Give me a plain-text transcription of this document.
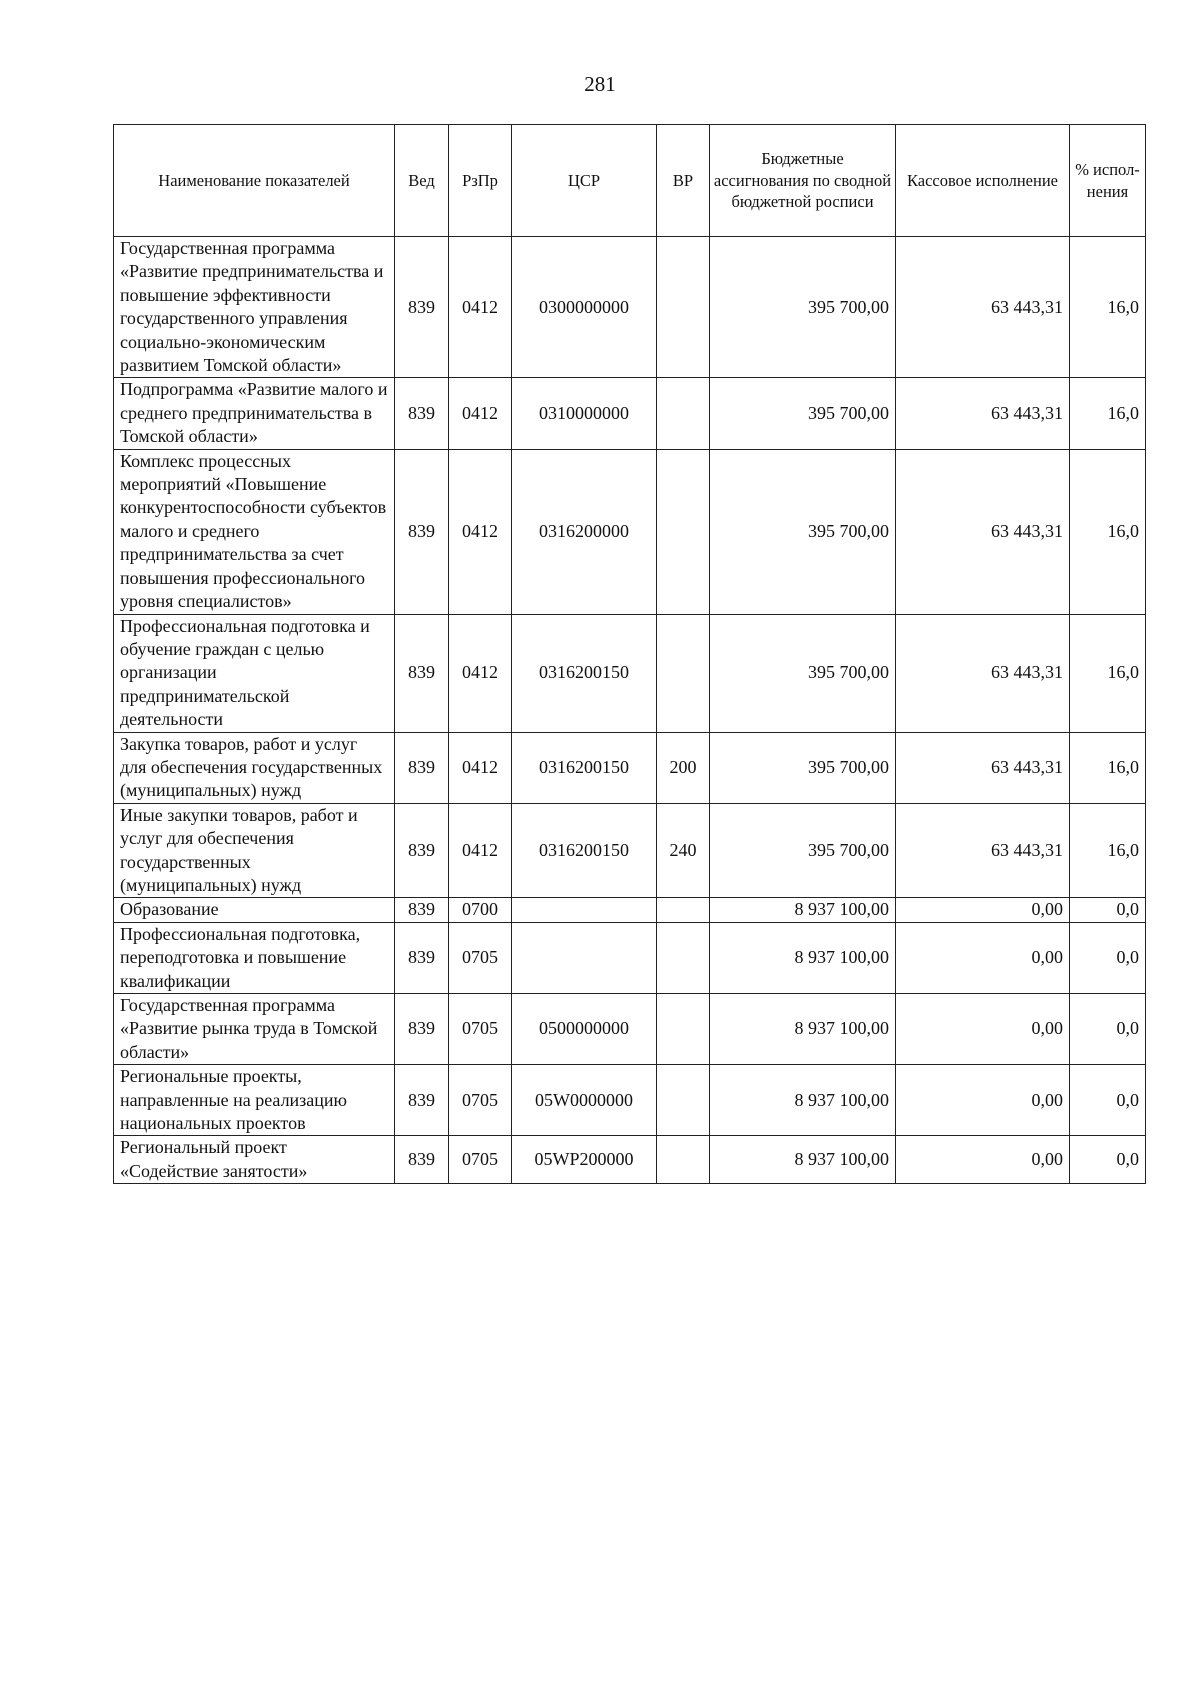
281
Наименование показателей	Вед	РзПр	ЦСР	ВР	Бюджетные ассигнования по сводной бюджетной росписи	Кассовое исполнение	% испол-нения
Государственная программа «Развитие предпринимательства и повышение эффективности государственного управления социально-экономическим развитием Томской области»	839	0412	0300000000		395 700,00	63 443,31	16,0
Подпрограмма «Развитие малого и среднего предпринимательства в Томской области»	839	0412	0310000000		395 700,00	63 443,31	16,0
Комплекс процессных мероприятий «Повышение конкурентоспособности субъектов малого и среднего предпринимательства за счет повышения профессионального уровня специалистов»	839	0412	0316200000		395 700,00	63 443,31	16,0
Профессиональная подготовка и обучение граждан с целью организации предпринимательской деятельности	839	0412	0316200150		395 700,00	63 443,31	16,0
Закупка товаров, работ и услуг для обеспечения государственных (муниципальных) нужд	839	0412	0316200150	200	395 700,00	63 443,31	16,0
Иные закупки товаров, работ и услуг для обеспечения государственных (муниципальных) нужд	839	0412	0316200150	240	395 700,00	63 443,31	16,0
Образование	839	0700			8 937 100,00	0,00	0,0
Профессиональная подготовка, переподготовка и повышение квалификации	839	0705			8 937 100,00	0,00	0,0
Государственная программа «Развитие рынка труда в Томской области»	839	0705	0500000000		8 937 100,00	0,00	0,0
Региональные проекты, направленные на реализацию национальных проектов	839	0705	05W0000000		8 937 100,00	0,00	0,0
Региональный проект «Содействие занятости»	839	0705	05WP200000		8 937 100,00	0,00	0,0
